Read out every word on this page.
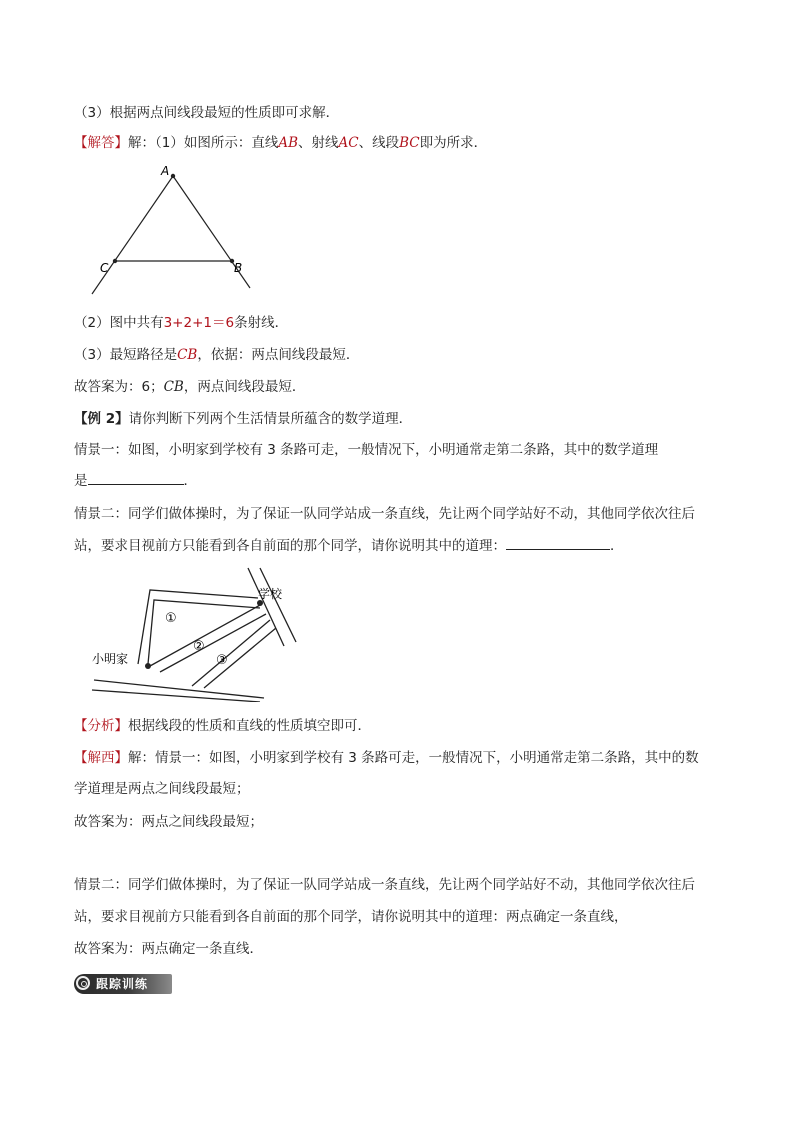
（3）根据两点间线段最短的性质即可求解．
【解答】解：（1）如图所示：直线AB、射线AC、线段BC即为所求．
A
C	B
（2）图中共有3+2+1＝6条射线．
（3）最短路径是CB，依据：两点间线段最短．
故答案为：6；CB，两点间线段最短．
【例 2】请你判断下列两个生活情景所蕴含的数学道理．
情景一：如图，小明家到学校有 3 条路可走，一般情况下，小明通常走第二条路，其中的数学道理
是	．
情景二：同学们做体操时，为了保证一队同学站成一条直线，先让两个同学站好不动，其他同学依次往后
站，要求目视前方只能看到各自前面的那个同学，请你说明其中的道理：	．
学校
小明家
①
②
③
【分析】根据线段的性质和直线的性质填空即可．
【解西】解：情景一：如图，小明家到学校有 3 条路可走，一般情况下，小明通常走第二条路，其中的数
学道理是两点之间线段最短；
故答案为：两点之间线段最短；
情景二：同学们做体操时，为了保证一队同学站成一条直线，先让两个同学站好不动，其他同学依次往后
站，要求目视前方只能看到各自前面的那个同学，请你说明其中的道理：两点确定一条直线，
故答案为：两点确定一条直线．
跟踪训练
